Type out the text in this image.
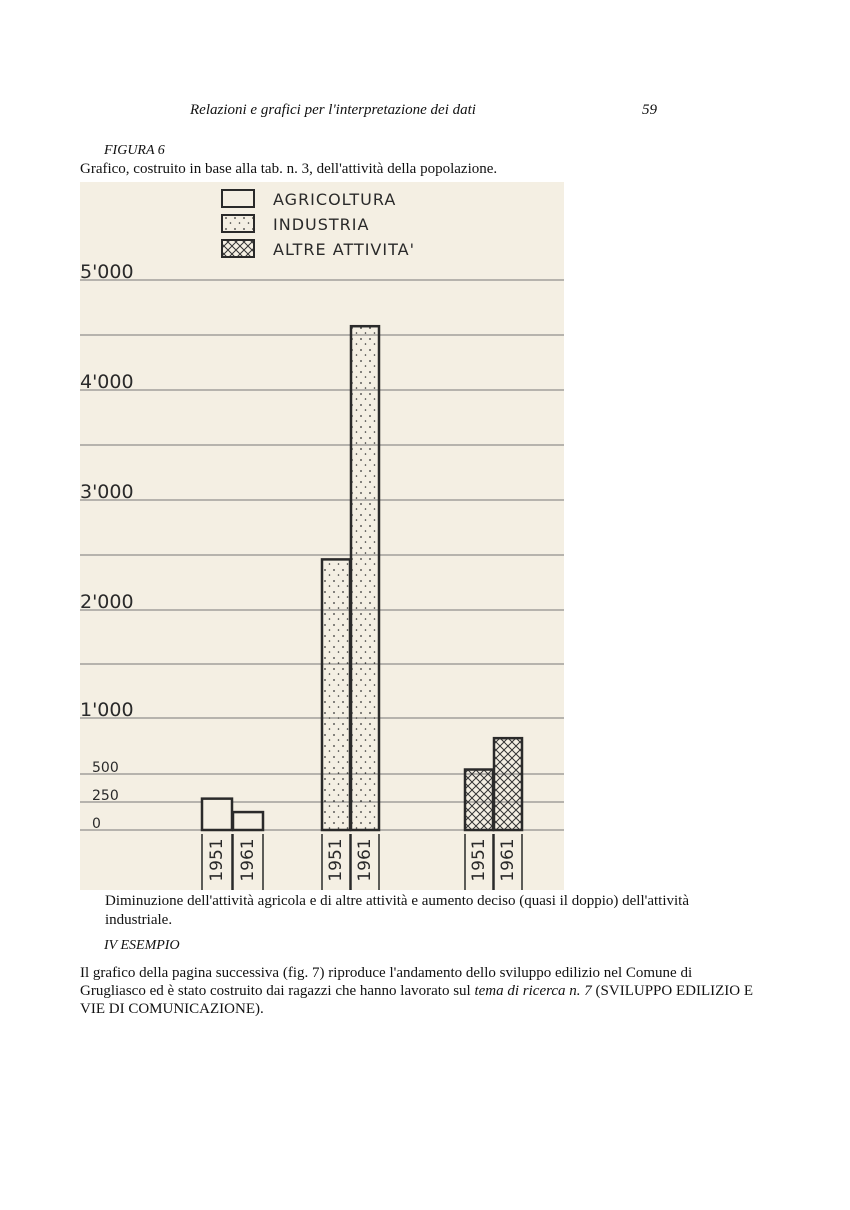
Relazioni e grafici per l'interpretazione dei dati	59
FIGURA 6
Grafico, costruito in base alla tab. n. 3, dell'attività della popolazione.
0
250
500
1'000
2'000
3'000
4'000
5'000
AGRICOLTURA
INDUSTRIA
ALTRE ATTIVITA'
1951 1961	1951 1961	1951 1961
Diminuzione dell'attività agricola e di altre attività e aumento deciso (quasi il doppio) dell'attività industriale.
IV ESEMPIO
Il grafico della pagina successiva (fig. 7) riproduce l'andamento dello sviluppo edilizio nel Comune di Grugliasco ed è stato costruito dai ragazzi che hanno lavorato sul tema di ricerca n. 7 (SVILUPPO EDILIZIO E VIE DI COMUNICAZIONE).
